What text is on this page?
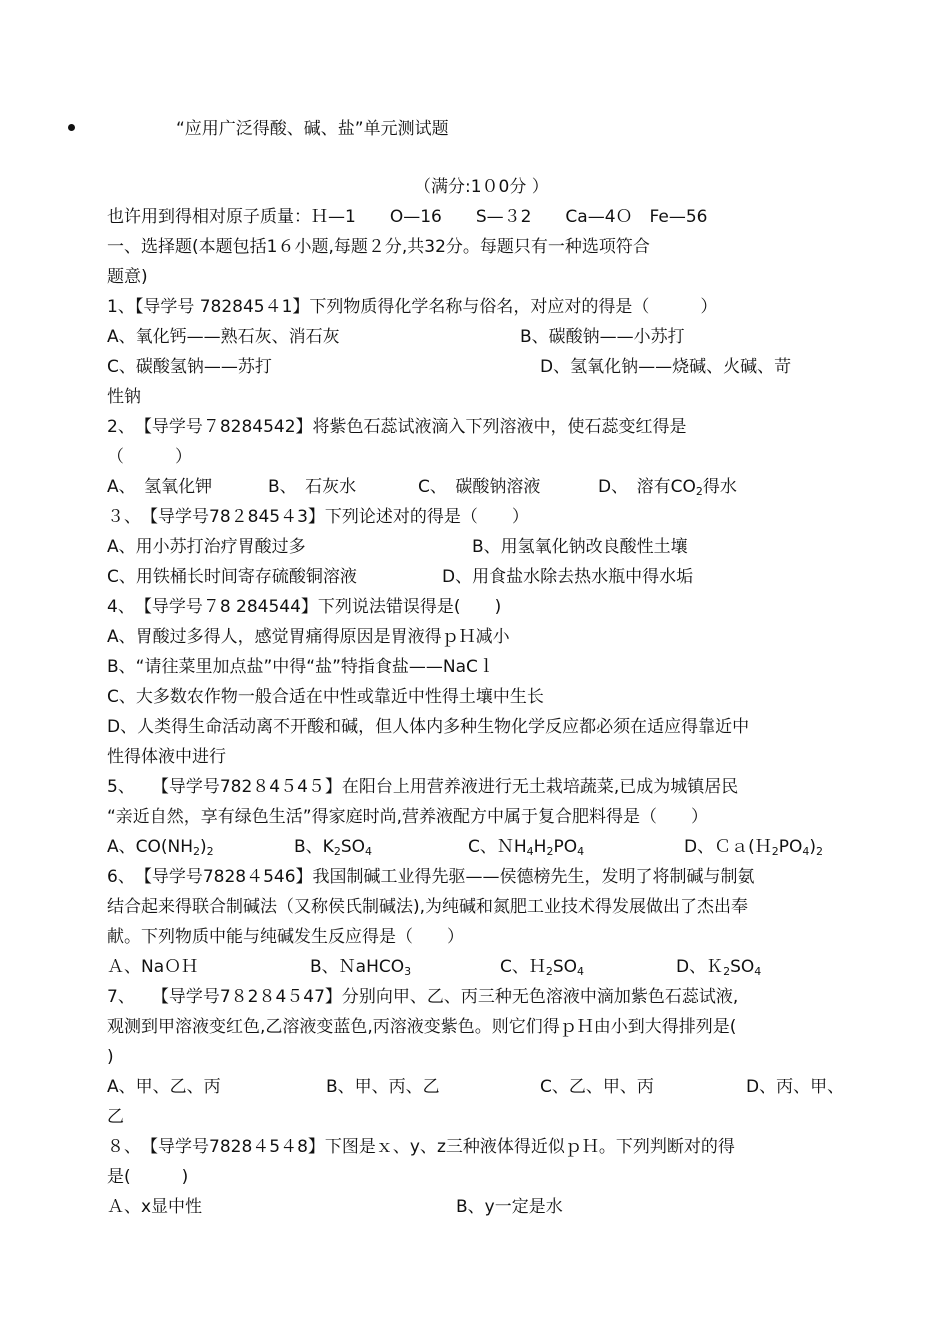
“应用广泛得酸、碱、盐”单元测试题
（满分:1０0分 ）
也许用到得相对原子质量：Ｈ—1　　O—16　　S—３2　　Ca—4Ｏ　Fe—56
一、选择题(本题包括1６小题,每题２分,共32分。每题只有一种选项符合
题意)
1、【导学号 782845４1】下列物质得化学名称与俗名，对应对的得是（　　　）
A、氧化钙——熟石灰、消石灰	B、碳酸钠——小苏打
C、碳酸氢钠——苏打	D、氢氧化钠——烧碱、火碱、苛
性钠
2、　【导学号７8284542】将紫色石蕊试液滴入下列溶液中，使石蕊变红得是
（　　　）
A、　氢氧化钾	B、　石灰水	C、　碳酸钠溶液	D、　溶有$CO_2$得水
３、　【导学号78２845４3】下列论述对的得是（　　）
A、用小苏打治疗胃酸过多	B、用氢氧化钠改良酸性土壤
C、用铁桶长时间寄存硫酸铜溶液	D、用食盐水除去热水瓶中得水垢
4、　【导学号７8 284544】下列说法错误得是(　　)
A、胃酸过多得人，感觉胃痛得原因是胃液得ｐＨ减小
B、“请往菜里加点盐”中得“盐”特指食盐——NaCｌ
C、大多数农作物一般合适在中性或靠近中性得土壤中生长
D、人类得生命活动离不开酸和碱，但人体内多种生物化学反应都必须在适应得靠近中
性得体液中进行
5、　　【导学号782８4５4５】在阳台上用营养液进行无土栽培蔬菜,已成为城镇居民
“亲近自然，享有绿色生活”得家庭时尚,营养液配方中属于复合肥料得是（　　）
A、$CO(NH_2)_2$	B、$K_2SO_4$	C、$NH_4H_2PO_4$	D、$Ca(H_2PO_4)_2$
6、　【导学号7828４546】我国制碱工业得先驱——侯德榜先生，发明了将制碱与制氨
结合起来得联合制碱法（又称侯氏制碱法),为纯碱和氮肥工业技术得发展做出了杰出奉
献。下列物质中能与纯碱发生反应得是（　　）
Ａ、NaＯＨ	B、ＮaHCO$_3$	C、$H_2SO_4$	D、$K_2SO_4$
7、　　【导学号7８2８4５47】分别向甲、乙、丙三种无色溶液中滴加紫色石蕊试液,
观测到甲溶液变红色,乙溶液变蓝色,丙溶液变紫色。则它们得ｐＨ由小到大得排列是(
)
A、甲、乙、丙	B、甲、丙、乙	C、乙、甲、丙	D、丙、甲、
乙
８、　【导学号7828４5４8】下图是ｘ、y、z三种液体得近似ｐＨ。下列判断对的得
是(　　　)
Ａ、x显中性	B、y一定是水
